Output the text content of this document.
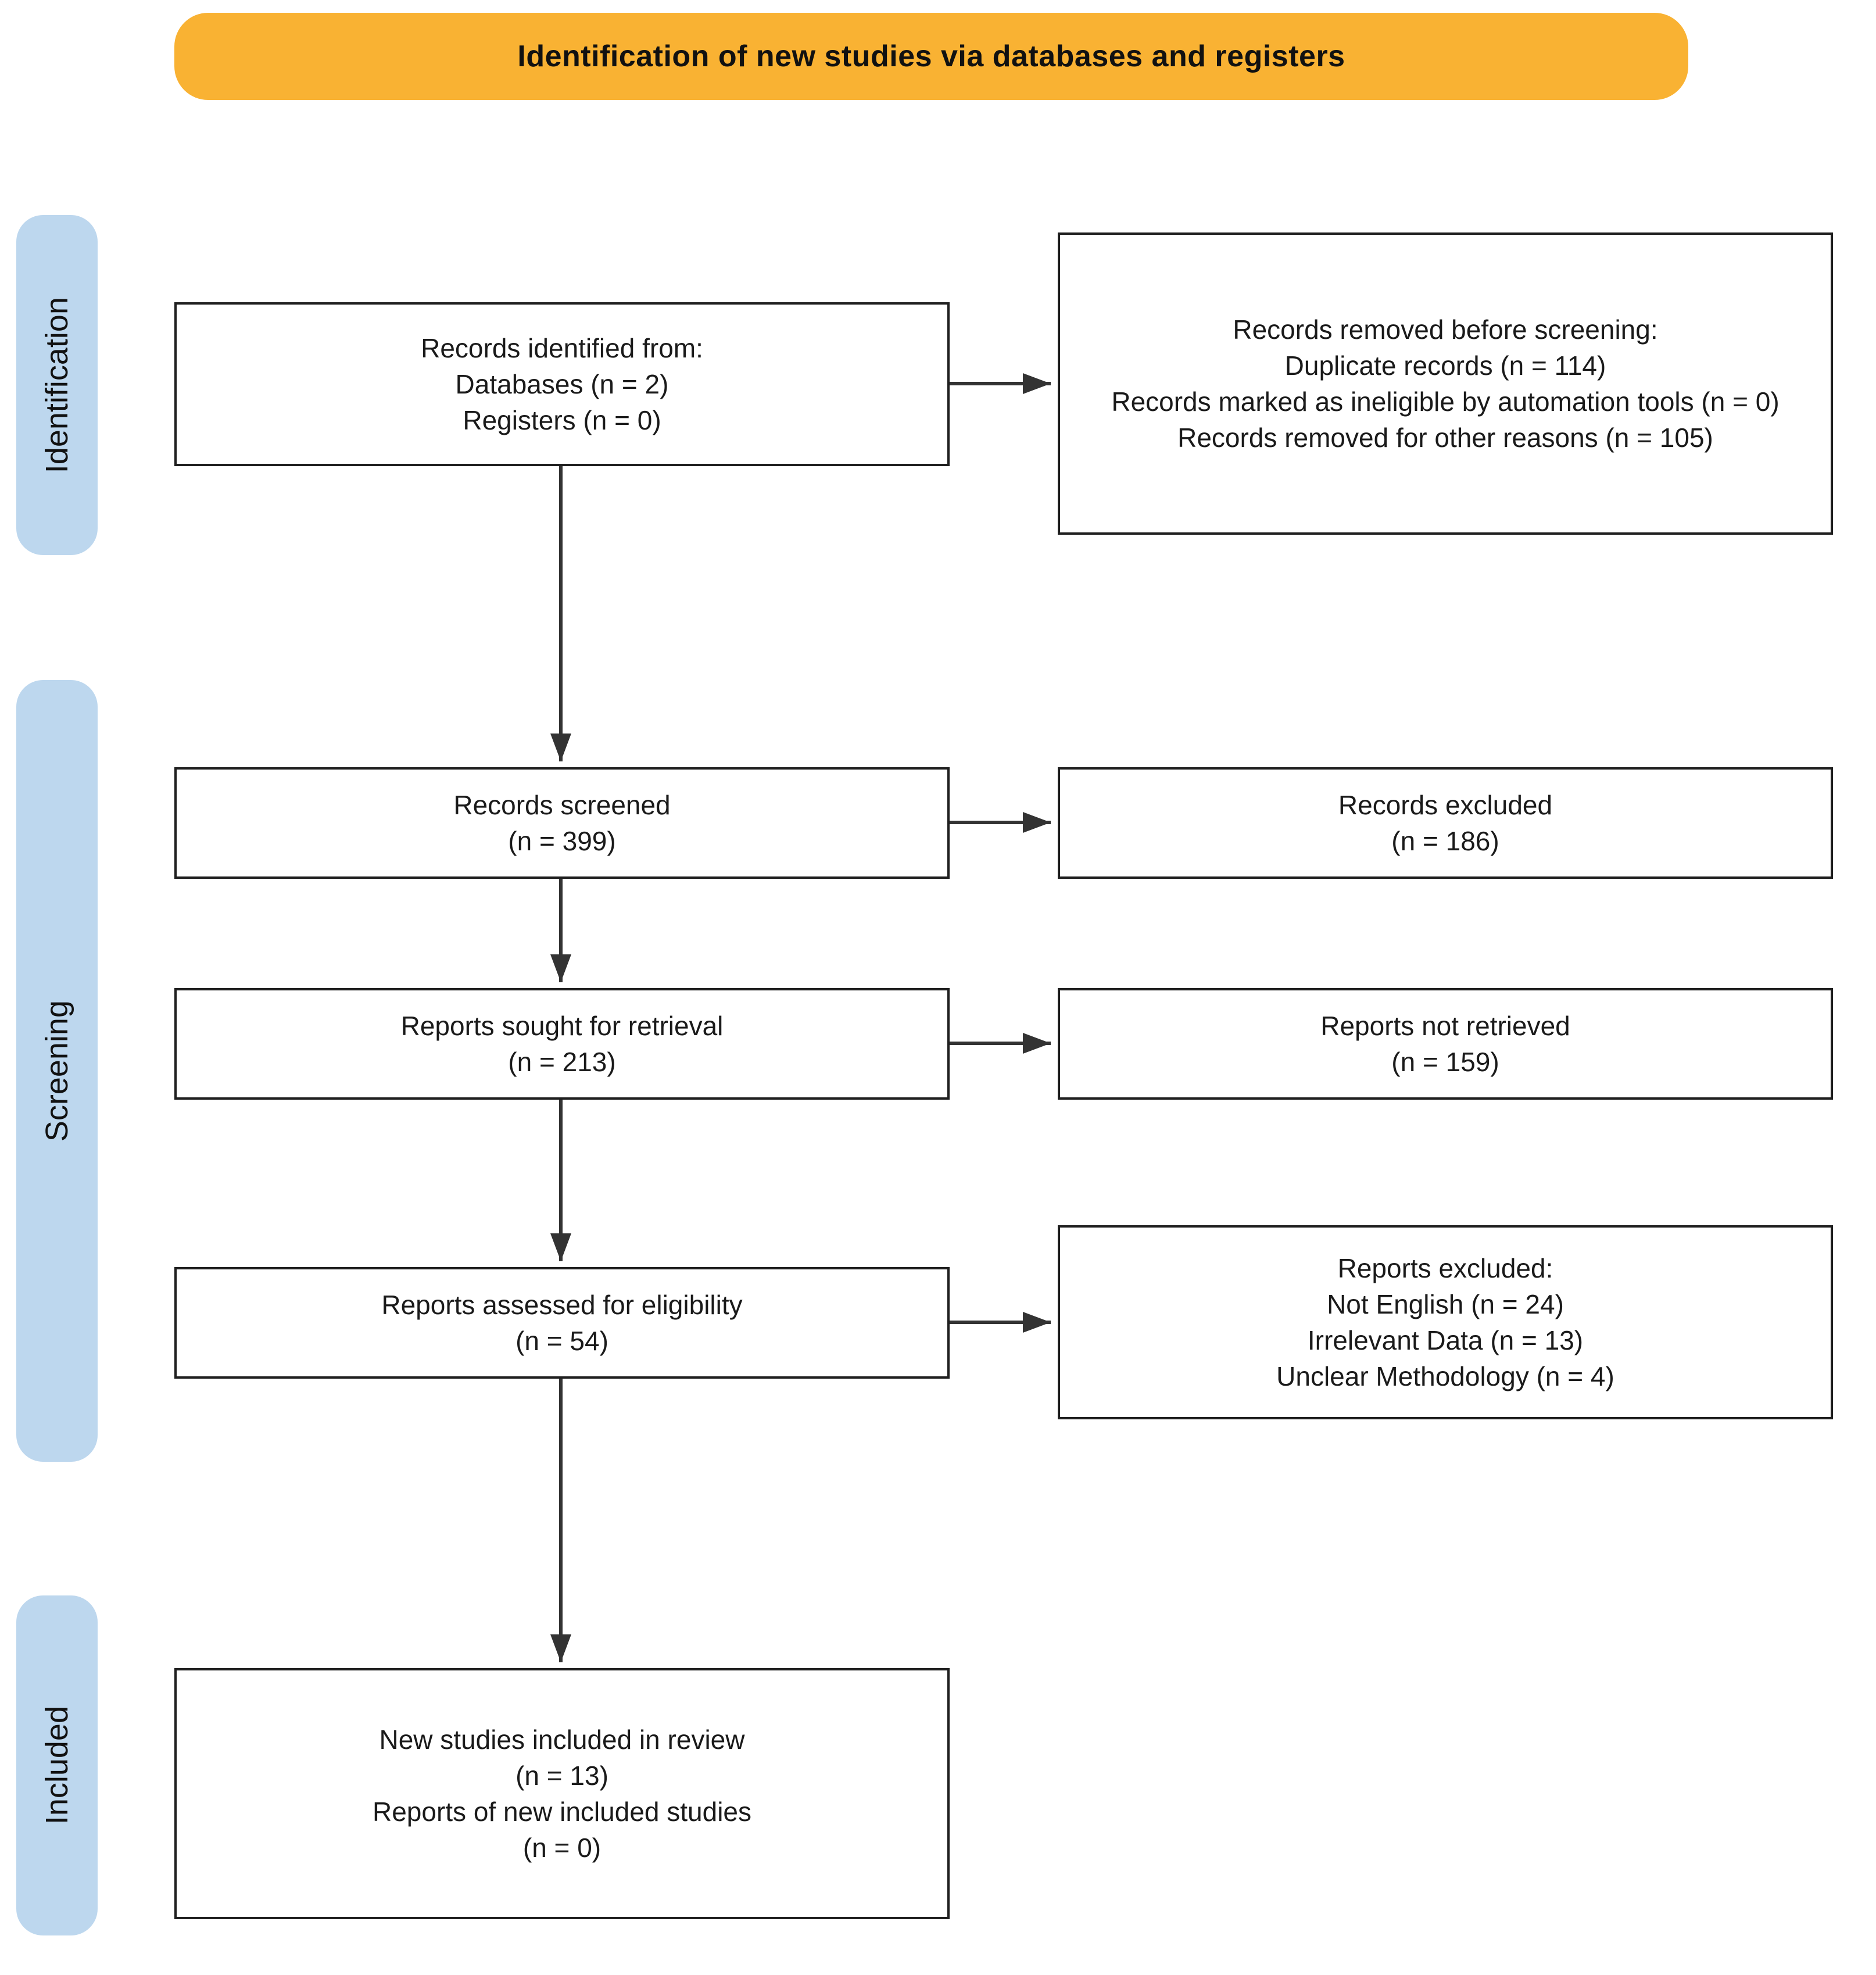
Identification of new studies via databases and registers
Identification
Screening
Included
Records identified from:
Databases (n = 2)
Registers (n = 0)
Records screened
(n = 399)
Reports sought for retrieval
(n = 213)
Reports assessed for eligibility
(n = 54)
New studies included in review
(n = 13)
Reports of new included studies
(n = 0)
Records removed before screening:
Duplicate records (n = 114)
Records marked as ineligible by automation tools (n = 0)
Records removed for other reasons (n = 105)
Records excluded
(n = 186)
Reports not retrieved
(n = 159)
Reports excluded:
Not English (n = 24)
Irrelevant Data (n = 13)
Unclear Methodology (n = 4)
